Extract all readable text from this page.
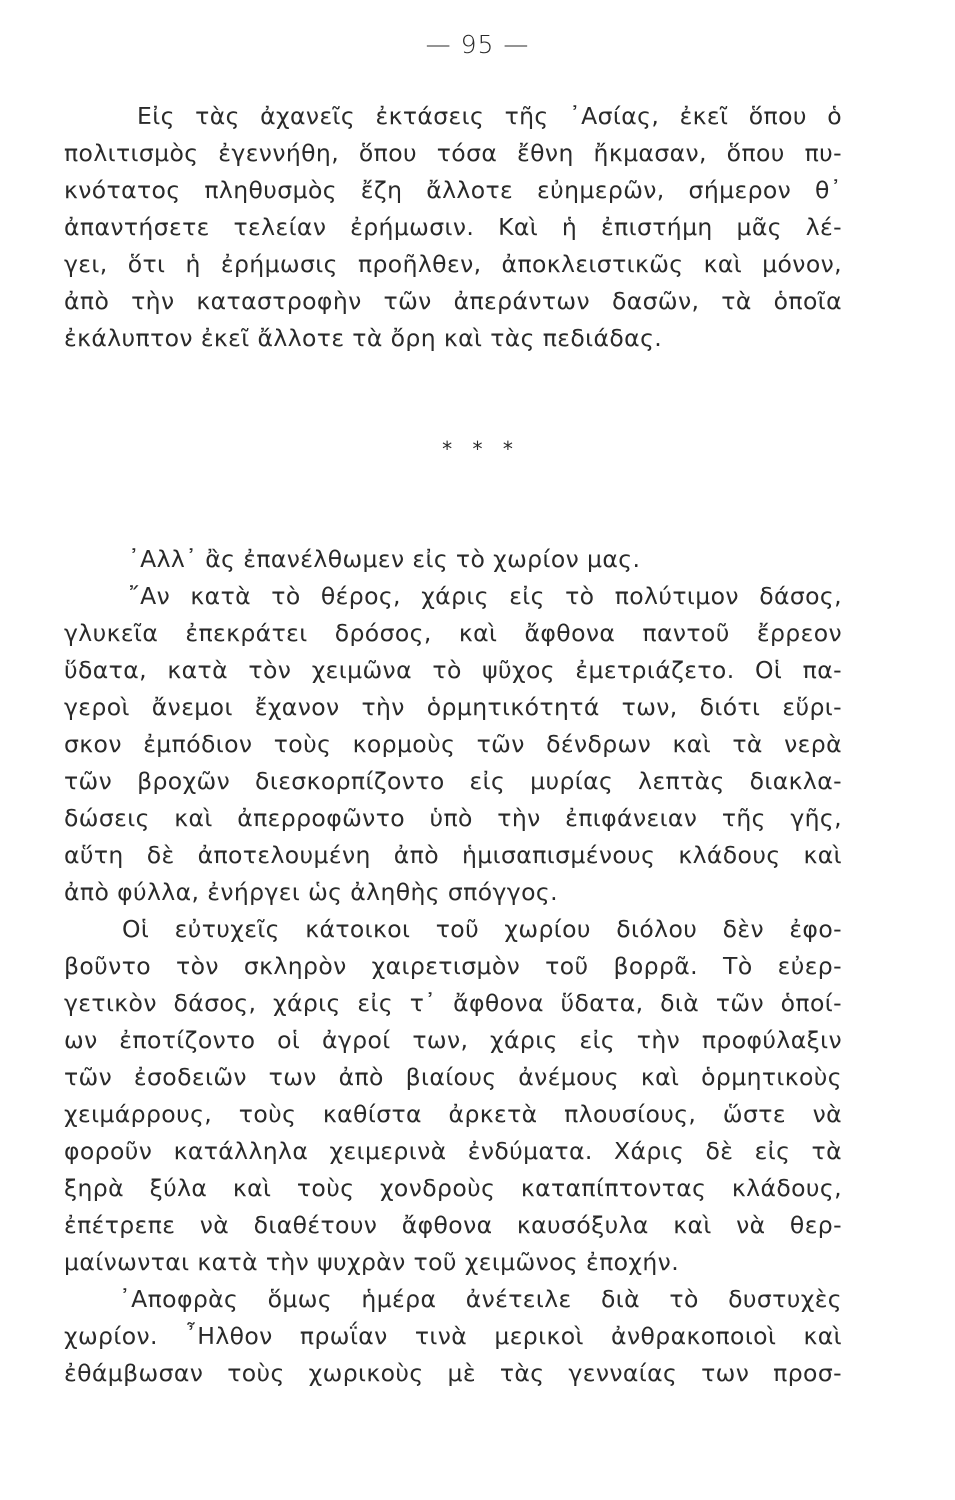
— 95 —

Εἰς τὰς ἀχανεῖς ἐκτάσεις τῆς ᾿Ασίας, ἐκεῖ ὅπου ὁ
πολιτισμὸς ἐγεννήθη, ὅπου τόσα ἔθνη ἤκμασαν, ὅπου πυ-
κνότατος πληθυσμὸς ἔζη ἄλλοτε εὐημερῶν, σήμερον θ᾿
ἀπαντήσετε τελείαν ἐρήμωσιν. Καὶ ἡ ἐπιστήμη μᾶς λέ-
γει, ὅτι ἡ ἐρήμωσις προῆλθεν, ἀποκλειστικῶς καὶ μόνον,
ἀπὸ τὴν καταστροφὴν τῶν ἀπεράντων δασῶν, τὰ ὁποῖα
ἐκάλυπτον ἐκεῖ ἄλλοτε τὰ ὄρη καὶ τὰς πεδιάδας.

* * *

᾿Αλλ᾿ ἂς ἐπανέλθωμεν εἰς τὸ χωρίον μας.
῎Αν κατὰ τὸ θέρος, χάρις εἰς τὸ πολύτιμον δάσος,
γλυκεῖα ἐπεκράτει δρόσος, καὶ ἄφθονα παντοῦ ἔρρεον
ὕδατα, κατὰ τὸν χειμῶνα τὸ ψῦχος ἐμετριάζετο. Οἱ πα-
γεροὶ ἄνεμοι ἔχανον τὴν ὁρμητικότητά των, διότι εὕρι-
σκον ἐμπόδιον τοὺς κορμοὺς τῶν δένδρων καὶ τὰ νερὰ
τῶν βροχῶν διεσκορπίζοντο εἰς μυρίας λεπτὰς διακλα-
δώσεις καὶ ἀπερροφῶντο ὑπὸ τὴν ἐπιφάνειαν τῆς γῆς,
αὕτη δὲ ἀποτελουμένη ἀπὸ ἡμισαπισμένους κλάδους καὶ
ἀπὸ φύλλα, ἐνήργει ὡς ἀληθὴς σπόγγος.
Οἱ εὐτυχεῖς κάτοικοι τοῦ χωρίου διόλου δὲν ἐφο-
βοῦντο τὸν σκληρὸν χαιρετισμὸν τοῦ βορρᾶ. Τὸ εὐερ-
γετικὸν δάσος, χάρις εἰς τ᾿ ἄφθονα ὕδατα, διὰ τῶν ὁποί-
ων ἐποτίζοντο οἱ ἀγροί των, χάρις εἰς τὴν προφύλαξιν
τῶν ἐσοδειῶν των ἀπὸ βιαίους ἀνέμους καὶ ὁρμητικοὺς
χειμάρρους, τοὺς καθίστα ἀρκετὰ πλουσίους, ὥστε νὰ
φοροῦν κατάλληλα χειμερινὰ ἐνδύματα. Χάρις δὲ εἰς τὰ
ξηρὰ ξύλα καὶ τοὺς χονδροὺς καταπίπτοντας κλάδους,
ἐπέτρεπε νὰ διαθέτουν ἄφθονα καυσόξυλα καὶ νὰ θερ-
μαίνωνται κατὰ τὴν ψυχρὰν τοῦ χειμῶνος ἐποχήν.
᾿Αποφρὰς ὅμως ἡμέρα ἀνέτειλε διὰ τὸ δυστυχὲς
χωρίον. ῏Ηλθον πρωΐαν τινὰ μερικοὶ ἀνθρακοποιοὶ καὶ
ἐθάμβωσαν τοὺς χωρικοὺς μὲ τὰς γενναίας των προσ-
